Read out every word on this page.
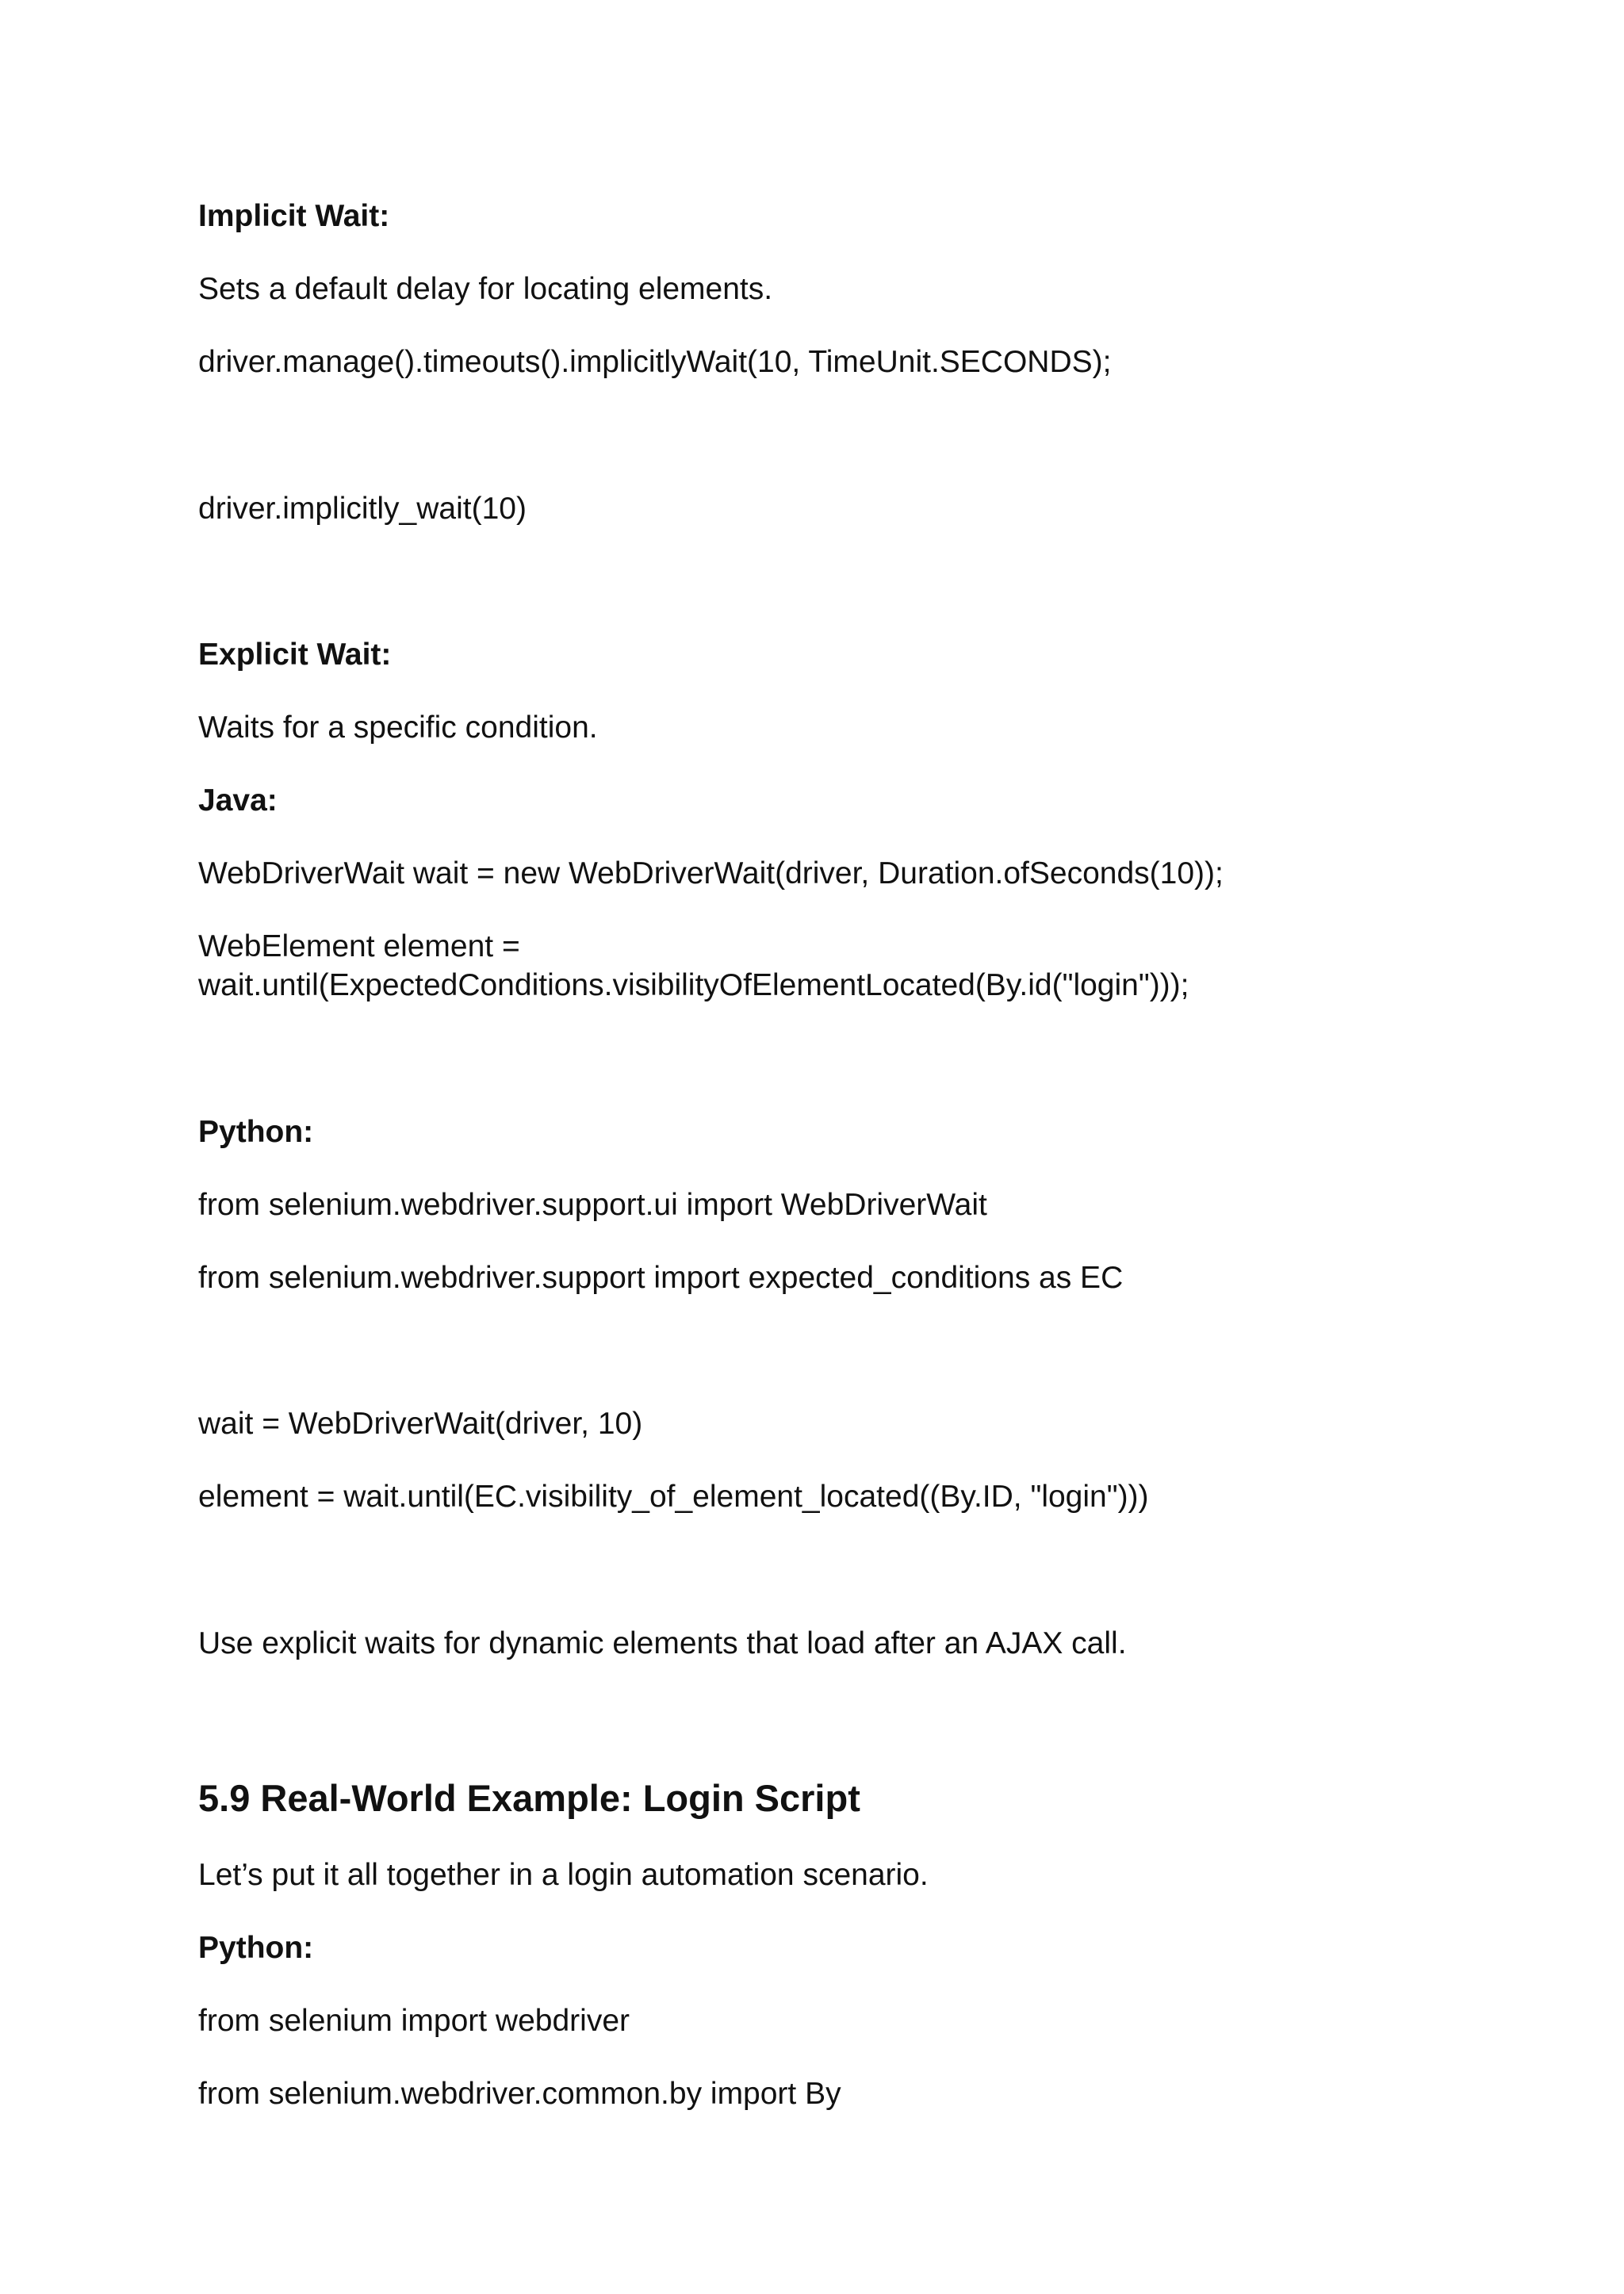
Implicit Wait:

Sets a default delay for locating elements.

driver.manage().timeouts().implicitlyWait(10, TimeUnit.SECONDS);

driver.implicitly_wait(10)

Explicit Wait:

Waits for a specific condition.

Java:

WebDriverWait wait = new WebDriverWait(driver, Duration.ofSeconds(10));

WebElement element =

wait.until(ExpectedConditions.visibilityOfElementLocated(By.id("login")));

Python:

from selenium.webdriver.support.ui import WebDriverWait

from selenium.webdriver.support import expected_conditions as EC

wait = WebDriverWait(driver, 10)

element = wait.until(EC.visibility_of_element_located((By.ID, "login")))

Use explicit waits for dynamic elements that load after an AJAX call.

5.9 Real-World Example: Login Script

Let’s put it all together in a login automation scenario.

Python:

from selenium import webdriver

from selenium.webdriver.common.by import By
